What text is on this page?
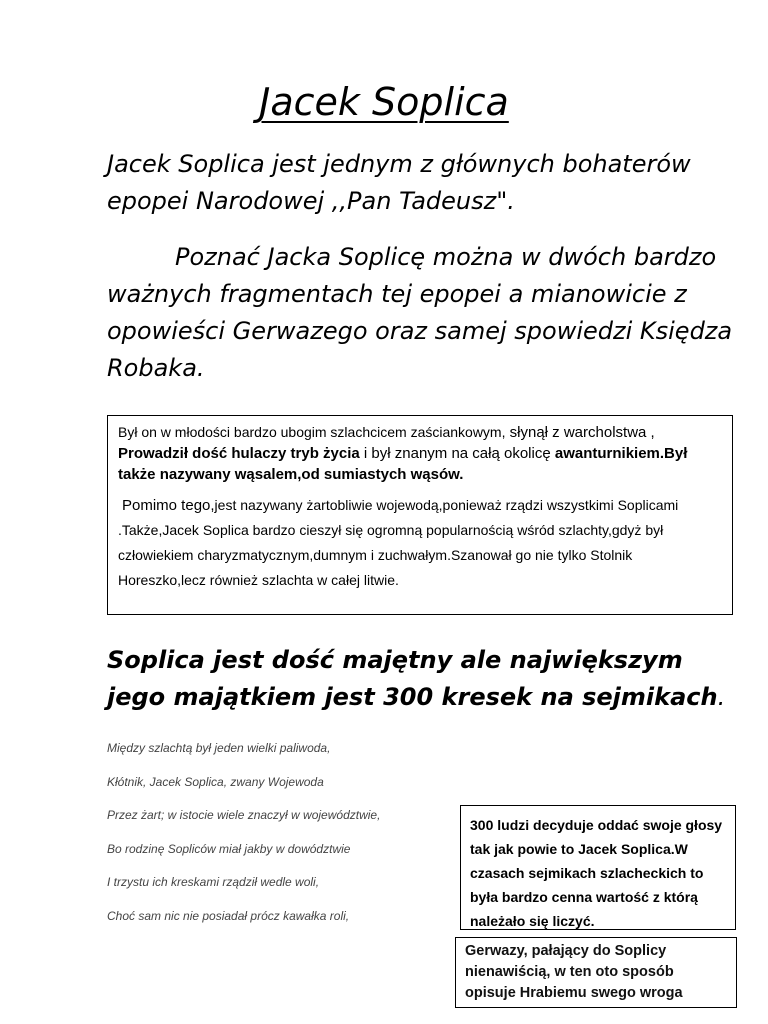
Jacek Soplica

Jacek Soplica jest jednym z głównych bohaterów epopei Narodowej ,,Pan Tadeusz".

Poznać Jacka Soplicę można w dwóch bardzo ważnych fragmentach tej epopei a mianowicie z opowieści Gerwazego oraz samej spowiedzi Księdza Robaka.

Był on w młodości bardzo ubogim szlachcicem zaściankowym, słynął z warcholstwa , Prowadził dość hulaczy tryb życia i był znanym na całą okolicę awanturnikiem.Był także nazywany wąsalem,od sumiastych wąsów.

Pomimo tego,jest nazywany żartobliwie wojewodą,ponieważ rządzi wszystkimi Soplicami .Także,Jacek Soplica bardzo cieszył się ogromną popularnością wśród szlachty,gdyż był człowiekiem charyzmatycznym,dumnym i zuchwałym.Szanował go nie tylko Stolnik Horeszko,lecz również szlachta w całej litwie.

Soplica jest dość majętny ale największym jego majątkiem jest 300 kresek na sejmikach.

Między szlachtą był jeden wielki paliwoda,
Kłótnik, Jacek Soplica, zwany Wojewoda
Przez żart; w istocie wiele znaczył w województwie,
Bo rodzinę Sopliców miał jakby w dowództwie
I trzystu ich kreskami rządził wedle woli,
Choć sam nic nie posiadał prócz kawałka roli,
300 ludzi decyduje oddać swoje głosy tak jak powie to Jacek Soplica.W czasach sejmikach szlacheckich to była bardzo cenna wartość z którą należało się liczyć.
Gerwazy, pałający do Soplicy nienawiścią, w ten oto sposób opisuje Hrabiemu swego wroga
